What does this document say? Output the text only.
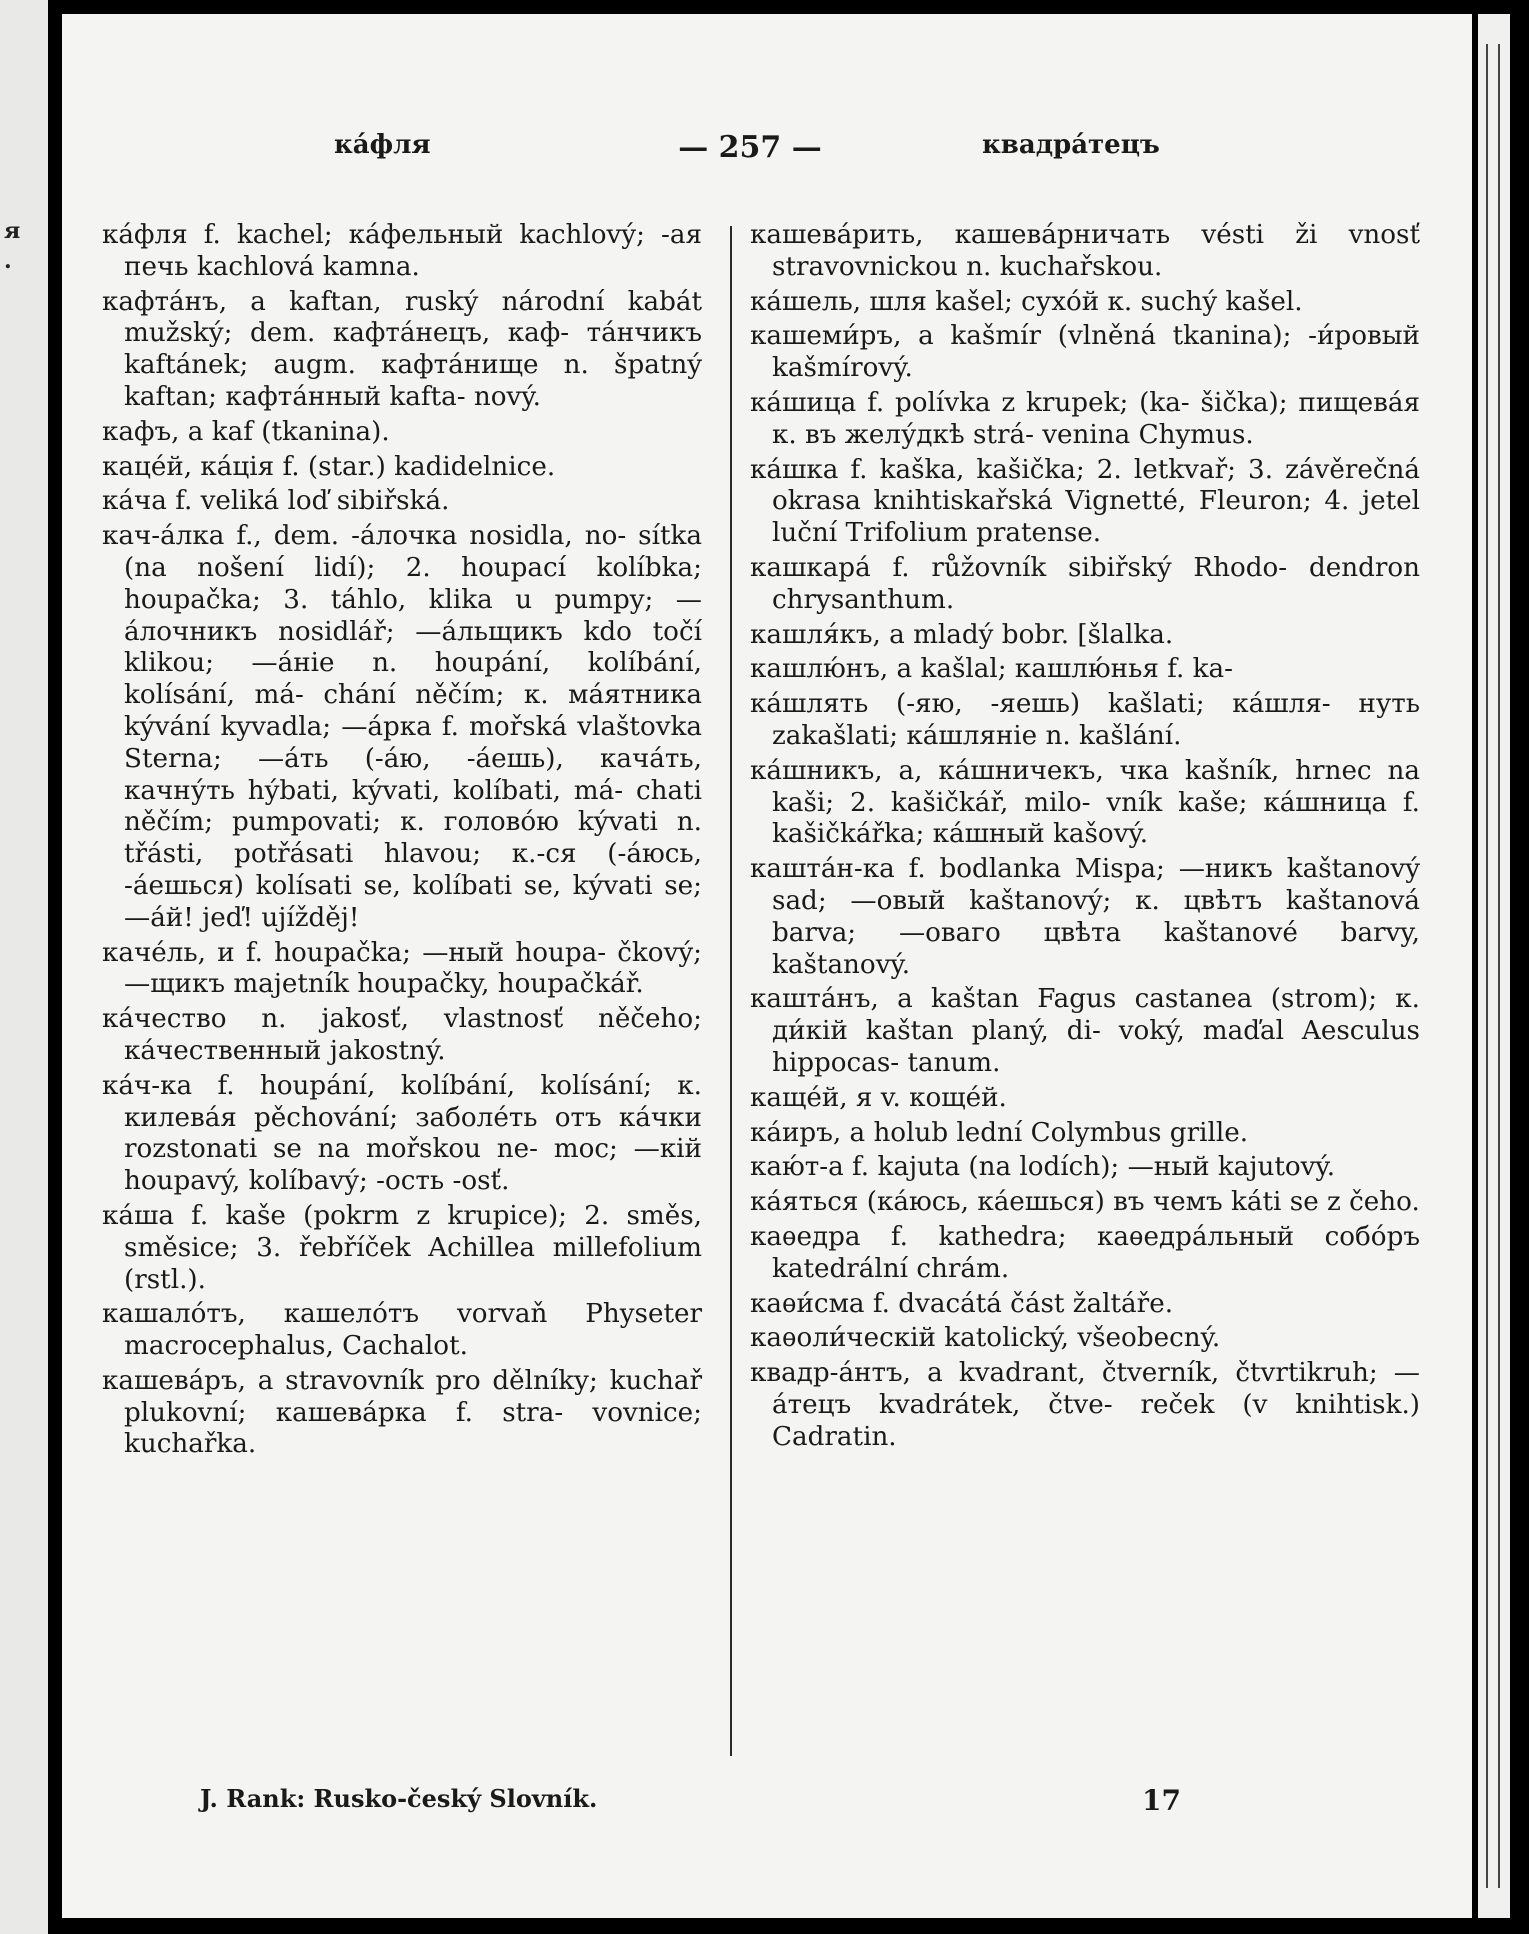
я
.
ка́фля	— 257 —	квадра́тецъ
ка́фля f. kachel; ка́фельный kachlový; -ая печь kachlová kamna.
кафта́нъ, a kaftan, ruský národní kabát mužský; dem. кафта́нецъ, каф- та́нчикъ kaftánek; augm. кафта́нище n. špatný kaftan; кафта́нный kafta- nový.
кафъ, a kaf (tkanina).
каце́й, ка́ція f. (star.) kadidelnice.
ка́ча f. veliká loď sibiřská.
кач-а́лка f., dem. -а́лочка nosidla, no- sítka (na nošení lidí); 2. houpací kolíbka; houpačka; 3. táhlo, klika u pumpy; —а́лочникъ nosidlář; —а́льщикъ kdo točí klikou; —а́ніе n. houpání, kolíbání, kolísání, má- chání něčím; к. ма́ятника kývání kyvadla; —а́рка f. mořská vlaštovka Sterna; —а́ть (-а́ю, -а́ешь), кача́ть, качну́ть hýbati, kývati, kolíbati, má- chati něčím; pumpovati; к. голово́ю kývati n. třásti, potřásati hlavou; к.-ся (-а́юсь, -а́ешься) kolísati se, kolíbati se, kývati se; —а́й! jeď! ujížděj!
каче́ль, и f. houpačka; —ный houpa- čkový; —щикъ majetník houpačky, houpačkář.
ка́чество n. jakosť, vlastnosť něčeho; ка́чественный jakostný.
ка́ч-ка f. houpání, kolíbání, kolísání; к. килева́я pěchování; заболе́ть отъ ка́чки rozstonati se na mořskou ne- moc; —кій houpavý, kolíbavý; -ость -osť.
ка́ша f. kaše (pokrm z krupice); 2. směs, směsice; 3. řebříček Achillea millefolium (rstl.).
кашало́тъ, кашело́тъ vorvaň Physeter macrocephalus, Cachalot.
кашева́ръ, a stravovník pro dělníky; kuchař plukovní; кашева́рка f. stra- vovnice; kuchařka.
кашева́рить, кашева́рничать vésti ži vnosť stravovnickou n. kuchařskou.
ка́шель, шля kašel; сухо́й к. suchý kašel.
кашеми́ръ, a kašmír (vlněná tkanina); -и́ровый kašmírový.
ка́шица f. polívka z krupek; (ka- šička); пищева́я к. въ желу́дкѣ strá- venina Chymus.
ка́шка f. kaška, kašička; 2. letkvař; 3. závěrečná okrasa knihtiskařská Vignetté, Fleuron; 4. jetel luční Trifolium pratense.
кашкара́ f. růžovník sibiřský Rhodo- dendron chrysanthum.
кашля́къ, a mladý bobr. [šlalka.
кашлю́нъ, a kašlal; кашлю́нья f. ka-
ка́шлять (-яю, -яешь) kašlati; ка́шля- нуть zakašlati; ка́шляніе n. kašlání.
ка́шникъ, a, ка́шничекъ, чка kašník, hrnec na kaši; 2. kašičkář, milo- vník kaše; ка́шница f. kašičkářka; ка́шный kašový.
кашта́н-ка f. bodlanka Mispa; —никъ kaštanový sad; —овый kaštanový; к. цвѣтъ kaštanová barva; —оваго цвѣта kaštanové barvy, kaštanový.
кашта́нъ, a kaštan Fagus castanea (strom); к. ди́кій kaštan planý, di- voký, maďal Aesculus hippocas- tanum.
каще́й, я v. коще́й.
ка́иръ, a holub lední Colymbus grille.
каю́т-а f. kajuta (na lodích); —ный kajutový.
ка́яться (ка́юсь, ка́ешься) въ чемъ káti se z čeho.
каѳедра f. kathedra; каѳедра́льный собо́ръ katedrální chrám.
каѳи́сма f. dvacátá část žaltáře.
каѳоли́ческій katolický, všeobecný.
квадр-а́нтъ, a kvadrant, čtverník, čtvrtikruh; —а́тецъ kvadrátek, čtve- reček (v knihtisk.) Cadratin.
J. Rank: Rusko-český Slovník.	17
